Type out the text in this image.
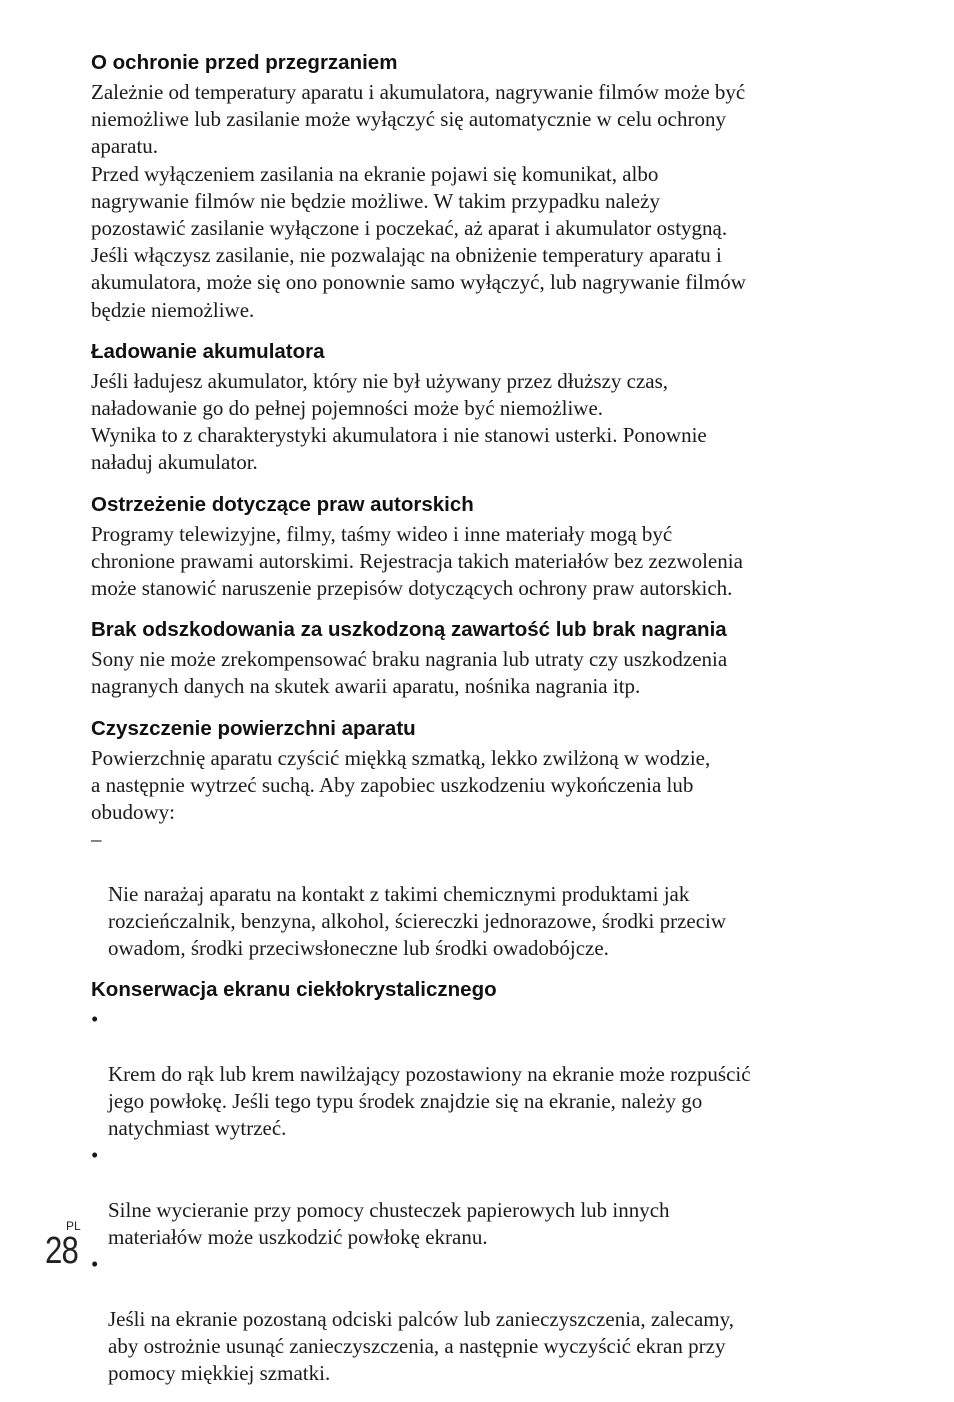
O ochronie przed przegrzaniem

Zależnie od temperatury aparatu i akumulatora, nagrywanie filmów może być
niemożliwe lub zasilanie może wyłączyć się automatycznie w celu ochrony
aparatu.

Przed wyłączeniem zasilania na ekranie pojawi się komunikat, albo
nagrywanie filmów nie będzie możliwe. W takim przypadku należy
pozostawić zasilanie wyłączone i poczekać, aż aparat i akumulator ostygną.
Jeśli włączysz zasilanie, nie pozwalając na obniżenie temperatury aparatu i
akumulatora, może się ono ponownie samo wyłączyć, lub nagrywanie filmów
będzie niemożliwe.

Ładowanie akumulatora

Jeśli ładujesz akumulator, który nie był używany przez dłuższy czas,
naładowanie go do pełnej pojemności może być niemożliwe.

Wynika to z charakterystyki akumulatora i nie stanowi usterki. Ponownie
naładuj akumulator.

Ostrzeżenie dotyczące praw autorskich

Programy telewizyjne, filmy, taśmy wideo i inne materiały mogą być
chronione prawami autorskimi. Rejestracja takich materiałów bez zezwolenia
może stanowić naruszenie przepisów dotyczących ochrony praw autorskich.

Brak odszkodowania za uszkodzoną zawartość lub brak nagrania

Sony nie może zrekompensować braku nagrania lub utraty czy uszkodzenia
nagranych danych na skutek awarii aparatu, nośnika nagrania itp.

Czyszczenie powierzchni aparatu

Powierzchnię aparatu czyścić miękką szmatką, lekko zwilżoną w wodzie,
a następnie wytrzeć suchą. Aby zapobiec uszkodzeniu wykończenia lub
obudowy:

–

Nie narażaj aparatu na kontakt z takimi chemicznymi produktami jak
rozcieńczalnik, benzyna, alkohol, ściereczki jednorazowe, środki przeciw
owadom, środki przeciwsłoneczne lub środki owadobójcze.

Konserwacja ekranu ciekłokrystalicznego

•

Krem do rąk lub krem nawilżający pozostawiony na ekranie może rozpuścić
jego powłokę. Jeśli tego typu środek znajdzie się na ekranie, należy go
natychmiast wytrzeć.

•

Silne wycieranie przy pomocy chusteczek papierowych lub innych
materiałów może uszkodzić powłokę ekranu.

•

Jeśli na ekranie pozostaną odciski palców lub zanieczyszczenia, zalecamy,
aby ostrożnie usunąć zanieczyszczenia, a następnie wyczyścić ekran przy
pomocy miękkiej szmatki.

PL
28
